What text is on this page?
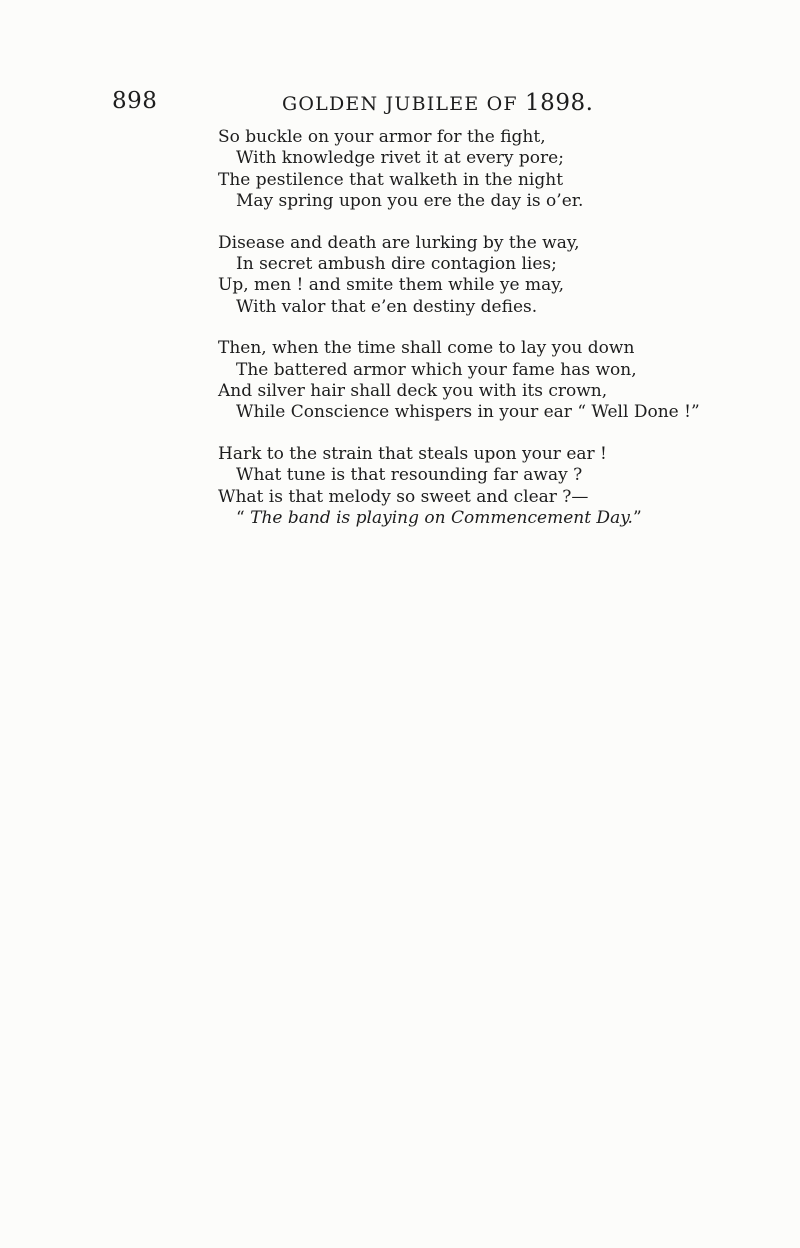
898	GOLDEN JUBILEE OF 1898.
So buckle on your armor for the fight,
With knowledge rivet it at every pore;
The pestilence that walketh in the night
May spring upon you ere the day is o’er.
Disease and death are lurking by the way,
In secret ambush dire contagion lies;
Up, men ! and smite them while ye may,
With valor that e’en destiny defies.
Then, when the time shall come to lay you down
The battered armor which your fame has won,
And silver hair shall deck you with its crown,
While Conscience whispers in your ear “ Well Done !”
Hark to the strain that steals upon your ear !
What tune is that resounding far away ?
What is that melody so sweet and clear ?—
“ The band is playing on Commencement Day.”
